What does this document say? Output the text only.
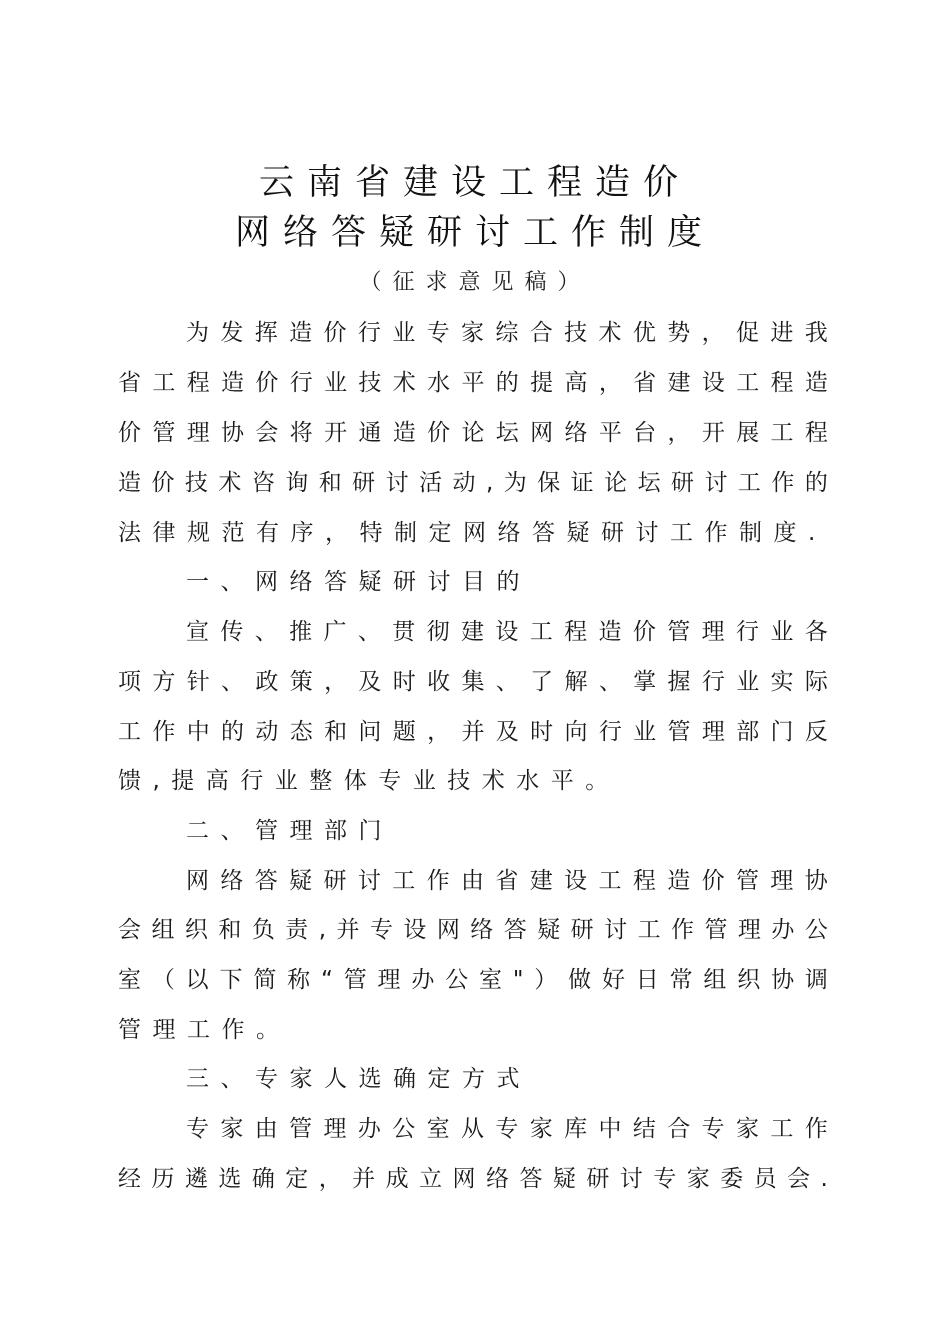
云南省建设工程造价
网络答疑研讨工作制度
（征求意见稿）
为 发 挥 造 价 行 业 专 家 综 合 技 术 优 势 ， 促 进 我
省 工 程 造 价 行 业 技 术 水 平 的 提 高 ， 省 建 设 工 程 造
价 管 理 协 会 将 开 通 造 价 论 坛 网 络 平 台 ， 开 展 工 程
造 价 技 术 咨 询 和 研 讨 活 动 , 为 保 证 论 坛 研 讨 工 作 的
法律规范有序，特制定网络答疑研讨工作制度.
一、网络答疑研讨目的
宣 传 、 推 广 、 贯 彻 建 设 工 程 造 价 管 理 行 业 各
项 方 针 、 政 策 ， 及 时 收 集 、 了 解 、 掌 握 行 业 实 际
工 作 中 的 动 态 和 问 题 ， 并 及 时 向 行 业 管 理 部 门 反
馈,提高行业整体专业技术水平。
二、管理部门
网 络 答 疑 研 讨 工 作 由 省 建 设 工 程 造 价 管 理 协
会 组 织 和 负 责 , 并 专 设 网 络 答 疑 研 讨 工 作 管 理 办 公
室 （ 以 下 简 称 “ 管 理 办 公 室 " ） 做 好 日 常 组 织 协 调
管理工作。
三、专家人选确定方式
专 家 由 管 理 办 公 室 从 专 家 库 中 结 合 专 家 工 作
经 历 遴 选 确 定 ， 并 成 立 网 络 答 疑 研 讨 专 家 委 员 会 .
